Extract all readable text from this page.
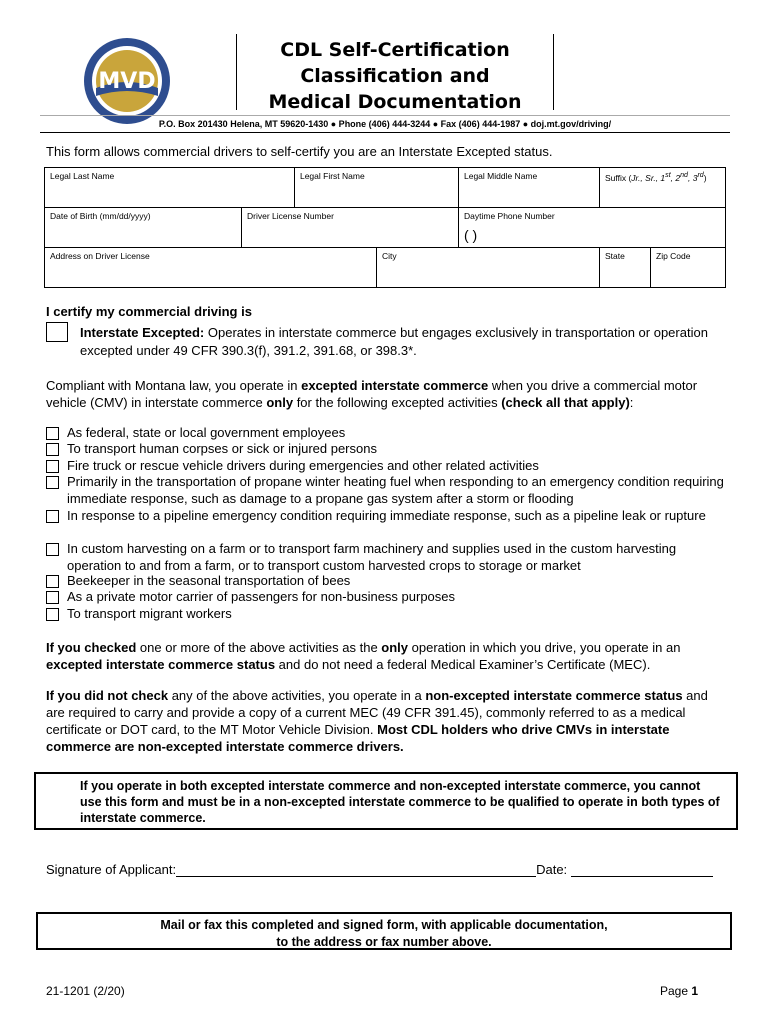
MVD
CDL Self-Certification
Classification and
Medical Documentation
P.O. Box 201430 Helena, MT 59620-1430 ● Phone (406) 444-3244 ● Fax (406) 444-1987 ● doj.mt.gov/driving/
This form allows commercial drivers to self-certify you are an Interstate Excepted status.
Legal Last Name		Legal First Name		Legal Middle Name	Suffix (Jr., Sr., 1st, 2nd, 3rd)	
Date of Birth (mm/dd/yyyy)	Driver License Number			Daytime Phone Number
( )		

Address on Driver License			City		State	Zip Code
I certify my commercial driving is
Interstate Excepted: Operates in interstate commerce but engages exclusively in transportation or operation excepted under 49 CFR 390.3(f), 391.2, 391.68, or 398.3*.
Compliant with Montana law, you operate in excepted interstate commerce when you drive a commercial motor vehicle (CMV) in interstate commerce only for the following excepted activities (check all that apply):
As federal, state or local government employees
To transport human corpses or sick or injured persons
Fire truck or rescue vehicle drivers during emergencies and other related activities
Primarily in the transportation of propane winter heating fuel when responding to an emergency condition requiring immediate response, such as damage to a propane gas system after a storm or flooding
In response to a pipeline emergency condition requiring immediate response, such as a pipeline leak or rupture
In custom harvesting on a farm or to transport farm machinery and supplies used in the custom harvesting operation to and from a farm, or to transport custom harvested crops to storage or market
Beekeeper in the seasonal transportation of bees
As a private motor carrier of passengers for non-business purposes
To transport migrant workers
If you checked one or more of the above activities as the only operation in which you drive, you operate in an excepted interstate commerce status and do not need a federal Medical Examiner’s Certificate (MEC).
If you did not check any of the above activities, you operate in a non-excepted interstate commerce status and are required to carry and provide a copy of a current MEC (49 CFR 391.45), commonly referred to as a medical certificate or DOT card, to the MT Motor Vehicle Division. Most CDL holders who drive CMVs in interstate commerce are non-excepted interstate commerce drivers.
If you operate in both excepted interstate commerce and non-excepted interstate commerce, you cannot use this form and must be in a non-excepted interstate commerce to be qualified to operate in both types of interstate commerce.
Signature of Applicant:	Date:
Mail or fax this completed and signed form, with applicable documentation,
to the address or fax number above.
21-1201 (2/20)	Page 1
